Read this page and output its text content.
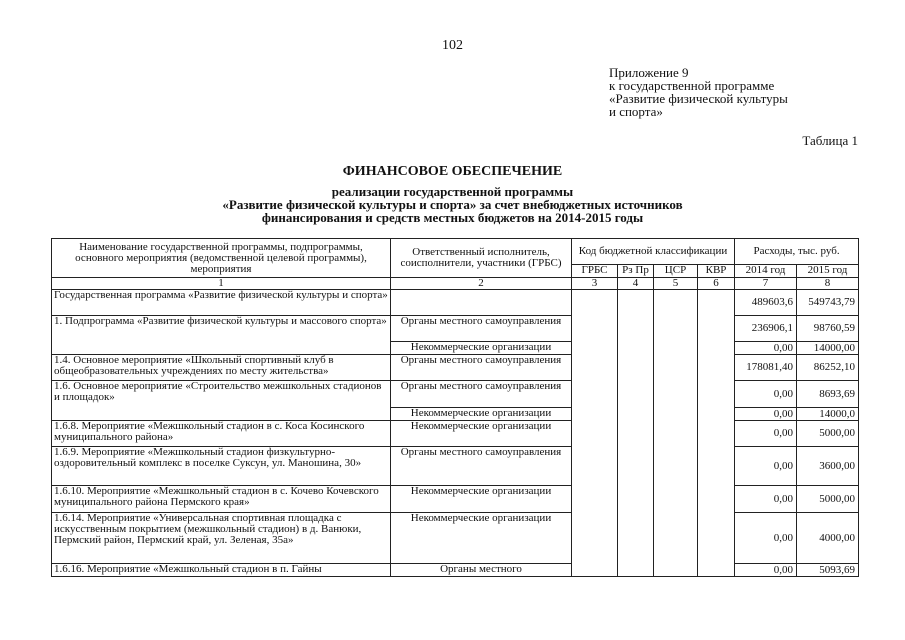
102
Приложение 9
к государственной программе
«Развитие физической культуры
и спорта»
Таблица 1
ФИНАНСОВОЕ ОБЕСПЕЧЕНИЕ
реализации государственной программы
«Развитие физической культуры и спорта» за счет внебюджетных источников
финансирования и средств местных бюджетов на 2014-2015 годы
Наименование государственной программы, подпрограммы, основного мероприятия (ведомственной целевой программы), мероприятия	Ответственный исполнитель, соисполнители, участники (ГРБС)	Код бюджетной классификации				Расходы, тыс. руб.	
		ГРБС	Рз Пр	ЦСР	КВР	2014 год	2015 год
1	2	3	4	5	6	7	8
Государственная программа «Развитие физической культуры и спорта»						489603,6	549743,79
1. Подпрограмма «Развитие физической культуры и массового спорта»	Органы местного самоуправления					236906,1	98760,59
	Некоммерческие организации					0,00	14000,00
1.4. Основное мероприятие «Школьный спортивный клуб в общеобразовательных учреждениях по месту жительства»	Органы местного самоуправления					178081,40	86252,10
1.6. Основное мероприятие «Строительство межшкольных стадионов и площадок»	Органы местного самоуправления					0,00	8693,69
	Некоммерческие организации					0,00	14000,0
1.6.8. Мероприятие «Межшкольный стадион в с. Коса Косинского муниципального района»	Некоммерческие организации					0,00	5000,00
1.6.9. Мероприятие «Межшкольный стадион физкультурно-оздоровительный комплекс в поселке Суксун, ул. Маношина, 30»	Органы местного самоуправления					0,00	3600,00
1.6.10. Мероприятие «Межшкольный стадион в с. Кочево Кочевского муниципального района Пермского края»	Некоммерческие организации					0,00	5000,00
1.6.14. Мероприятие «Универсальная спортивная площадка с искусственным покрытием (межшкольный стадион) в д. Ванюки, Пермский район, Пермский край, ул. Зеленая, 35а»	Некоммерческие организации					0,00	4000,00
1.6.16. Мероприятие «Межшкольный стадион в п. Гайны	Органы местного					0,00	5093,69
